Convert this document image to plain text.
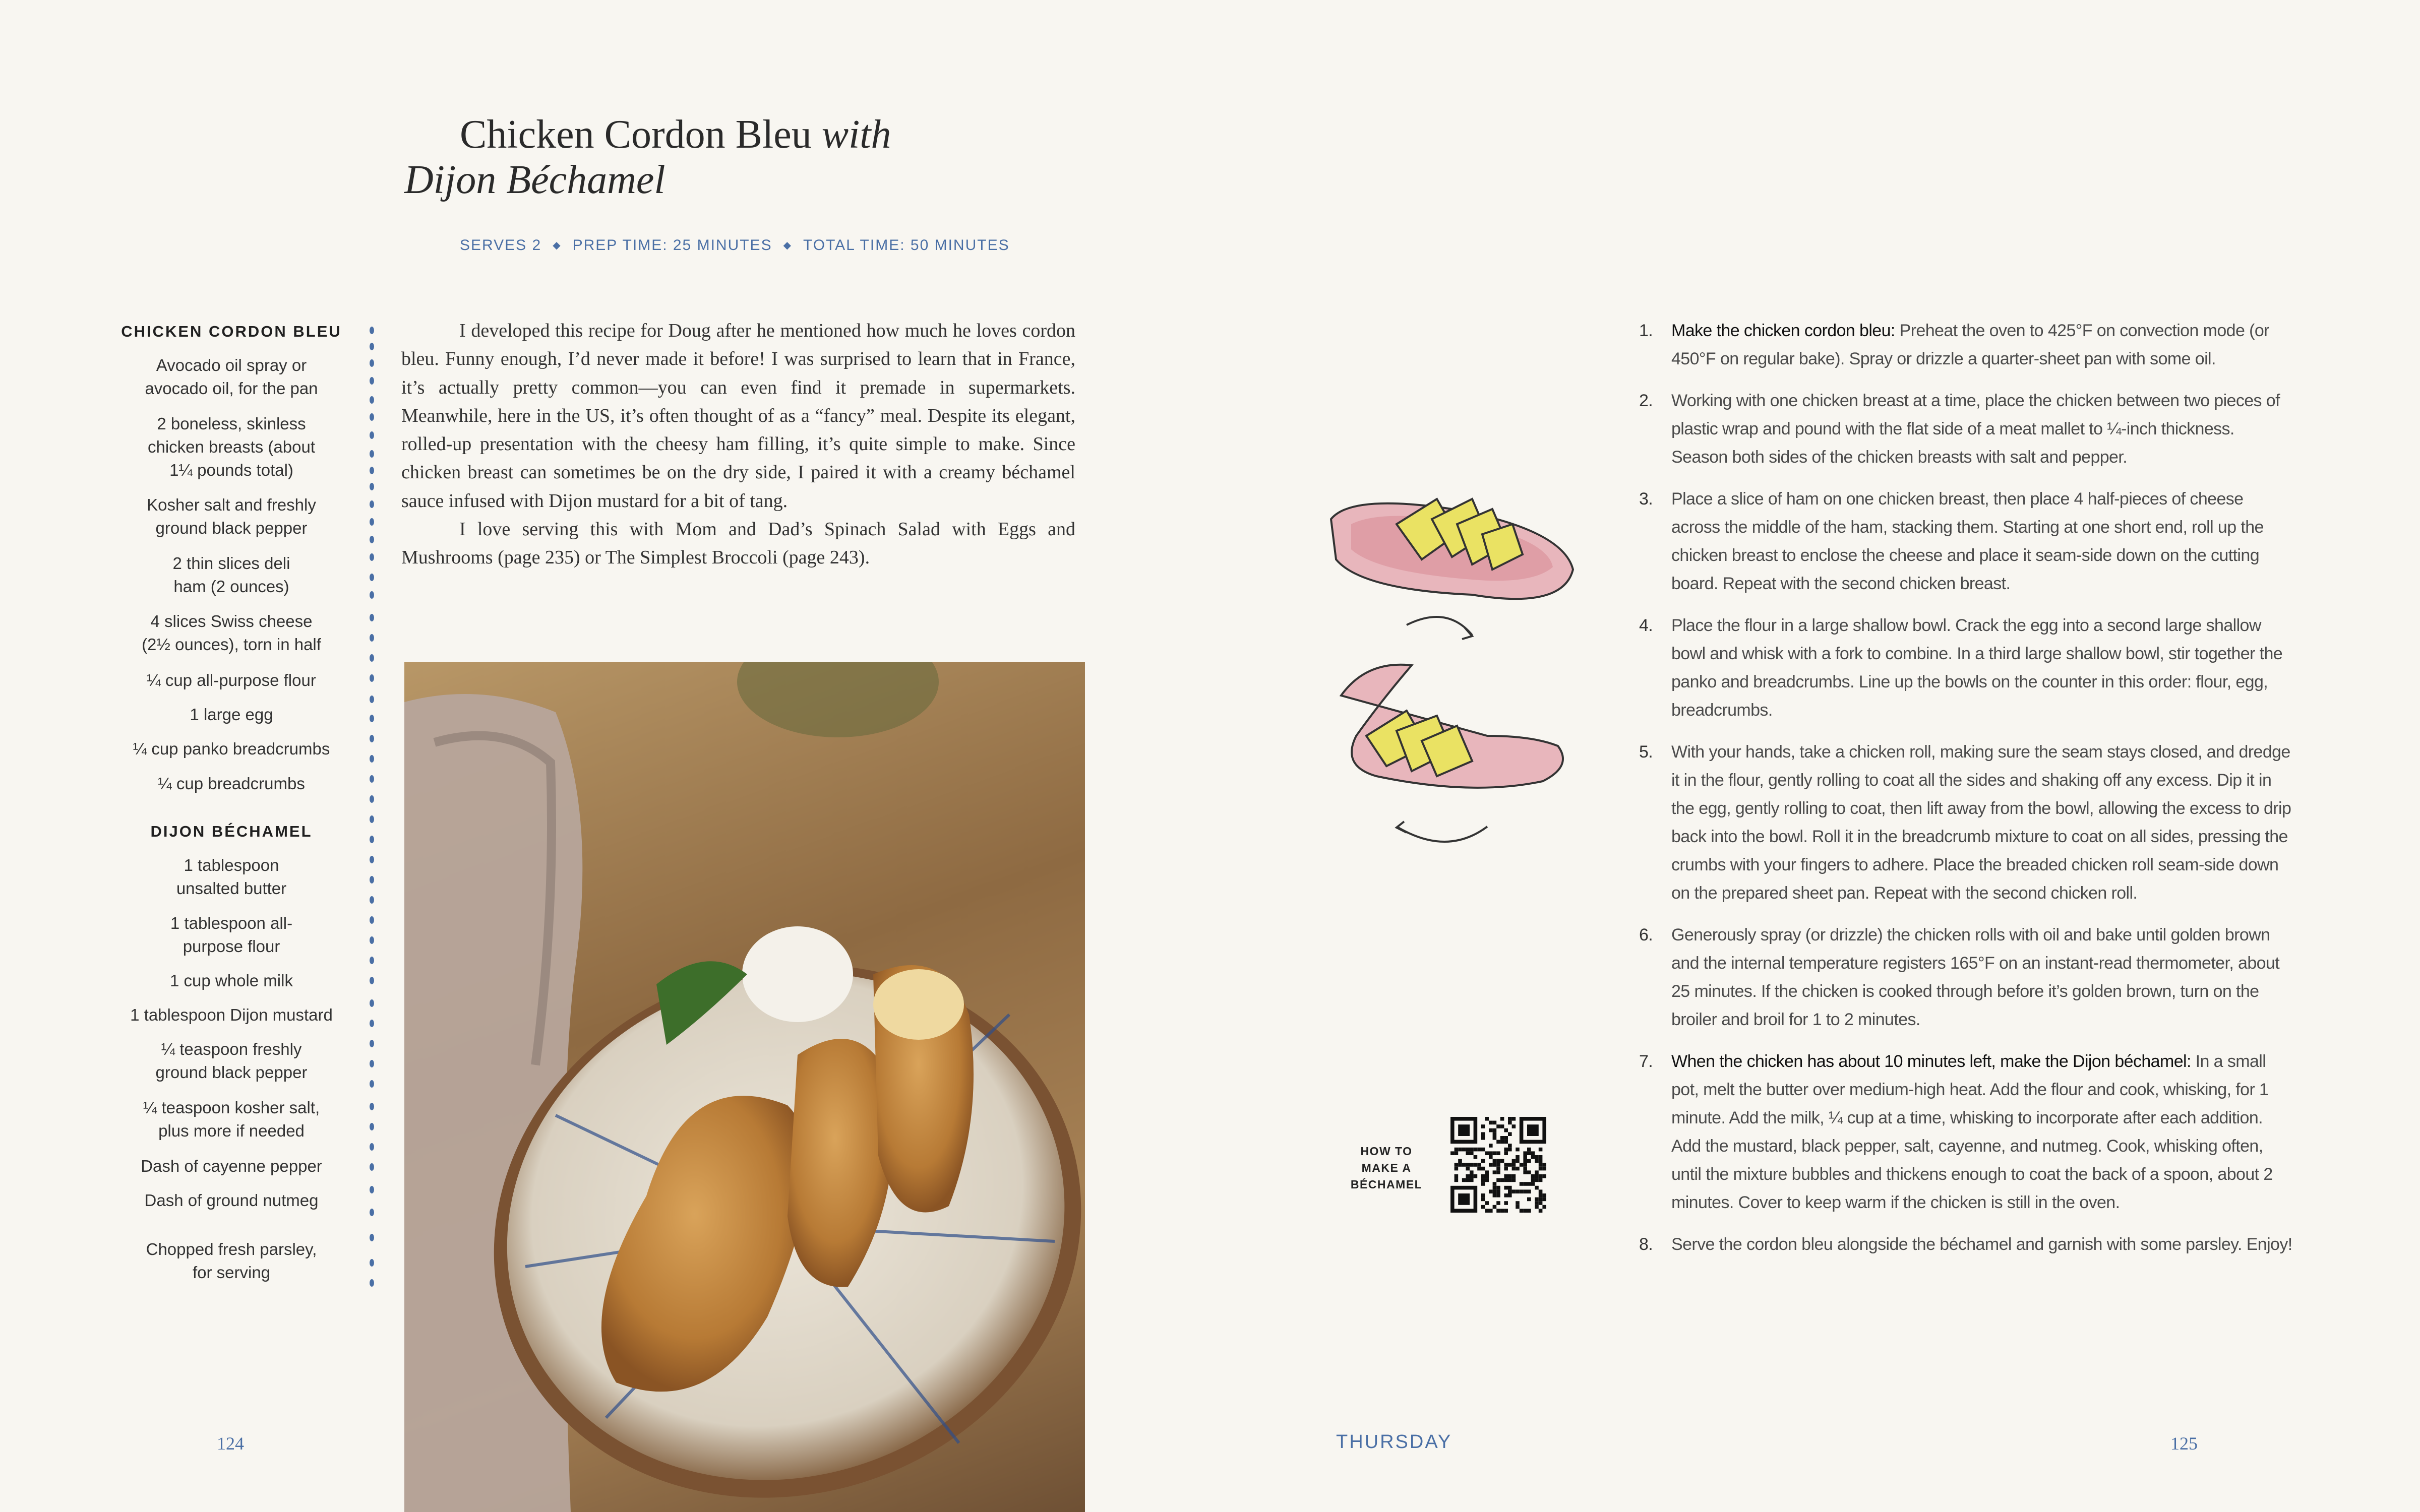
Chicken Cordon Bleu with
Dijon Béchamel
SERVES 2 ◆ PREP TIME: 25 MINUTES ◆ TOTAL TIME: 50 MINUTES
CHICKEN CORDON BLEU
Avocado oil spray or
avocado oil, for the pan
2 boneless, skinless
chicken breasts (about
1¼ pounds total)
Kosher salt and freshly
ground black pepper
2 thin slices deli
ham (2 ounces)
4 slices Swiss cheese
(2½ ounces), torn in half
¼ cup all-purpose flour
1 large egg
¼ cup panko breadcrumbs
¼ cup breadcrumbs
DIJON BÉCHAMEL
1 tablespoon
unsalted butter
1 tablespoon all-
purpose flour
1 cup whole milk
1 tablespoon Dijon mustard
¼ teaspoon freshly
ground black pepper
¼ teaspoon kosher salt,
plus more if needed
Dash of cayenne pepper
Dash of ground nutmeg
Chopped fresh parsley,
for serving

I developed this recipe for Doug after he mentioned how much he loves cordon bleu. Funny enough, I’d never made it before! I was surprised to learn that in France, it’s actually pretty common—you can even find it premade in supermarkets. Meanwhile, here in the US, it’s often thought of as a “fancy” meal. Despite its elegant, rolled-up presentation with the cheesy ham filling, it’s quite simple to make. Since chicken breast can sometimes be on the dry side, I paired it with a creamy béchamel sauce infused with Dijon mustard for a bit of tang.

I love serving this with Mom and Dad’s Spinach Salad with Eggs and Mushrooms (page 235) or The Simplest Broccoli (page 243).

HOW TO
MAKE A
BÉCHAMEL
1. Make the chicken cordon bleu: Preheat the oven to 425°F on convection mode (or 450°F on regular bake). Spray or drizzle a quarter-sheet pan with some oil.
2. Working with one chicken breast at a time, place the chicken between two pieces of plastic wrap and pound with the flat side of a meat mallet to ¼-inch thickness. Season both sides of the chicken breasts with salt and pepper.
3. Place a slice of ham on one chicken breast, then place 4 half-pieces of cheese across the middle of the ham, stacking them. Starting at one short end, roll up the chicken breast to enclose the cheese and place it seam-side down on the cutting board. Repeat with the second chicken breast.
4. Place the flour in a large shallow bowl. Crack the egg into a second large shallow bowl and whisk with a fork to combine. In a third large shallow bowl, stir together the panko and breadcrumbs. Line up the bowls on the counter in this order: flour, egg, breadcrumbs.
5. With your hands, take a chicken roll, making sure the seam stays closed, and dredge it in the flour, gently rolling to coat all the sides and shaking off any excess. Dip it in the egg, gently rolling to coat, then lift away from the bowl, allowing the excess to drip back into the bowl. Roll it in the breadcrumb mixture to coat on all sides, pressing the crumbs with your fingers to adhere. Place the breaded chicken roll seam-side down on the prepared sheet pan. Repeat with the second chicken roll.
6. Generously spray (or drizzle) the chicken rolls with oil and bake until golden brown and the internal temperature registers 165°F on an instant-read thermometer, about 25 minutes. If the chicken is cooked through before it’s golden brown, turn on the broiler and broil for 1 to 2 minutes.
7. When the chicken has about 10 minutes left, make the Dijon béchamel: In a small pot, melt the butter over medium-high heat. Add the flour and cook, whisking, for 1 minute. Add the milk, ¼ cup at a time, whisking to incorporate after each addition. Add the mustard, black pepper, salt, cayenne, and nutmeg. Cook, whisking often, until the mixture bubbles and thickens enough to coat the back of a spoon, about 2 minutes. Cover to keep warm if the chicken is still in the oven.
8. Serve the cordon bleu alongside the béchamel and garnish with some parsley. Enjoy!
124	THURSDAY	125
